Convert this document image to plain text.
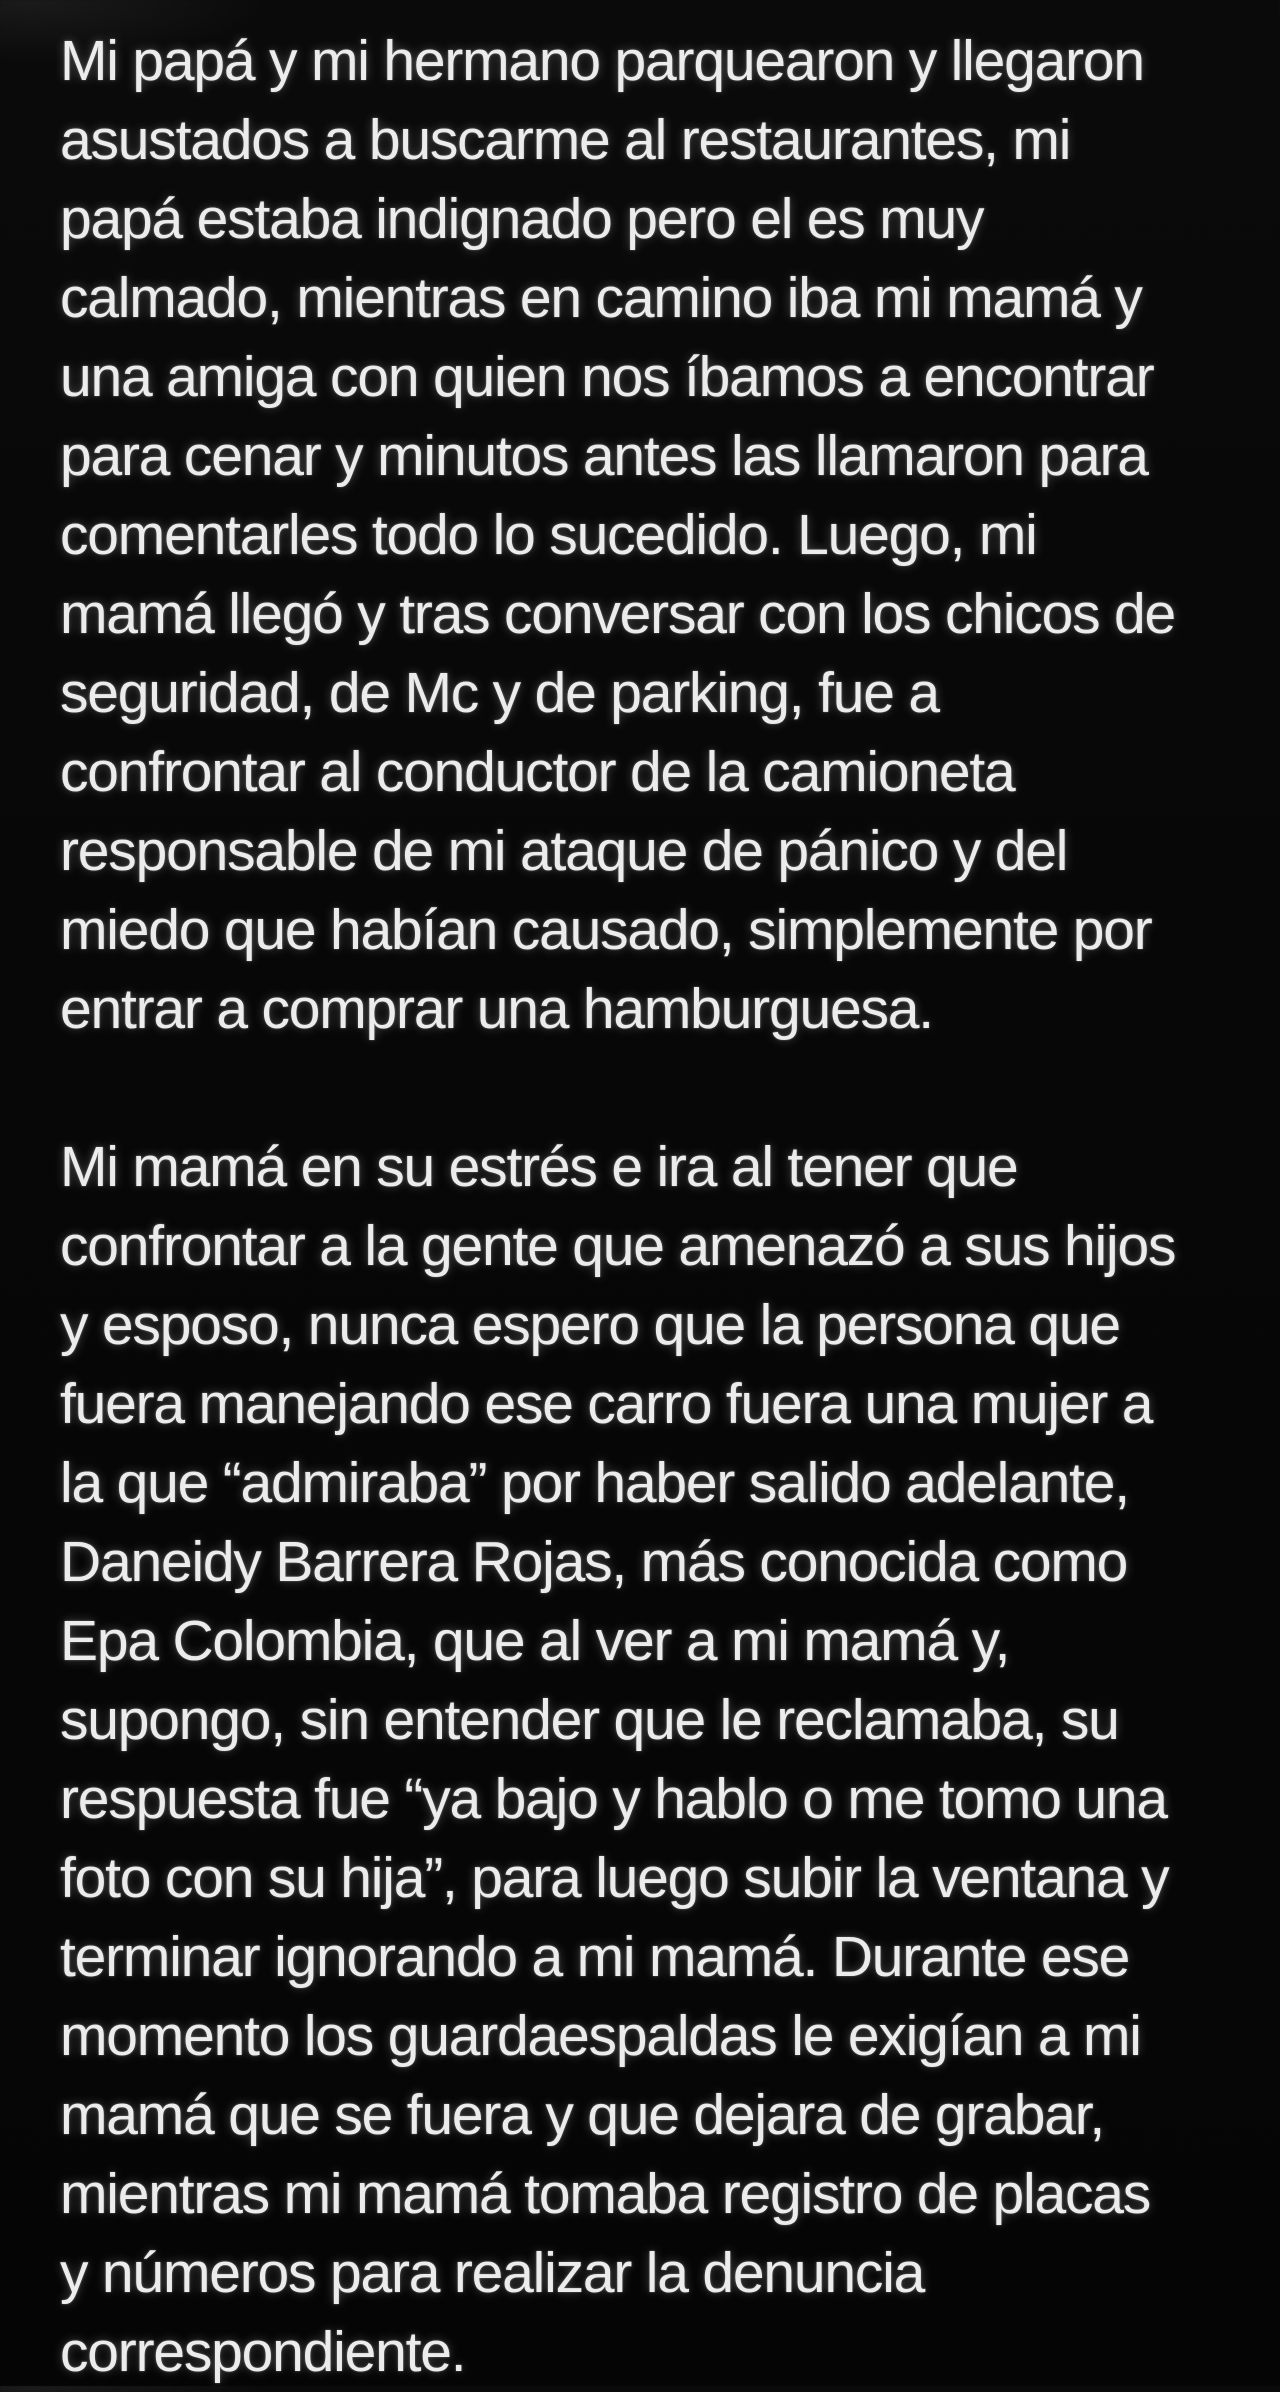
Mi papá y mi hermano parquearon y llegaron
asustados a buscarme al restaurantes, mi
papá estaba indignado pero el es muy
calmado, mientras en camino iba mi mamá y
una amiga con quien nos íbamos a encontrar
para cenar y minutos antes las llamaron para
comentarles todo lo sucedido. Luego, mi
mamá llegó y tras conversar con los chicos de
seguridad, de Mc y de parking, fue a
confrontar al conductor de la camioneta
responsable de mi ataque de pánico y del
miedo que habían causado, simplemente por
entrar a comprar una hamburguesa.
Mi mamá en su estrés e ira al tener que
confrontar a la gente que amenazó a sus hijos
y esposo, nunca espero que la persona que
fuera manejando ese carro fuera una mujer a
la que “admiraba” por haber salido adelante,
Daneidy Barrera Rojas, más conocida como
Epa Colombia, que al ver a mi mamá y,
supongo, sin entender que le reclamaba, su
respuesta fue “ya bajo y hablo o me tomo una
foto con su hija”, para luego subir la ventana y
terminar ignorando a mi mamá. Durante ese
momento los guardaespaldas le exigían a mi
mamá que se fuera y que dejara de grabar,
mientras mi mamá tomaba registro de placas
y números para realizar la denuncia
correspondiente.
